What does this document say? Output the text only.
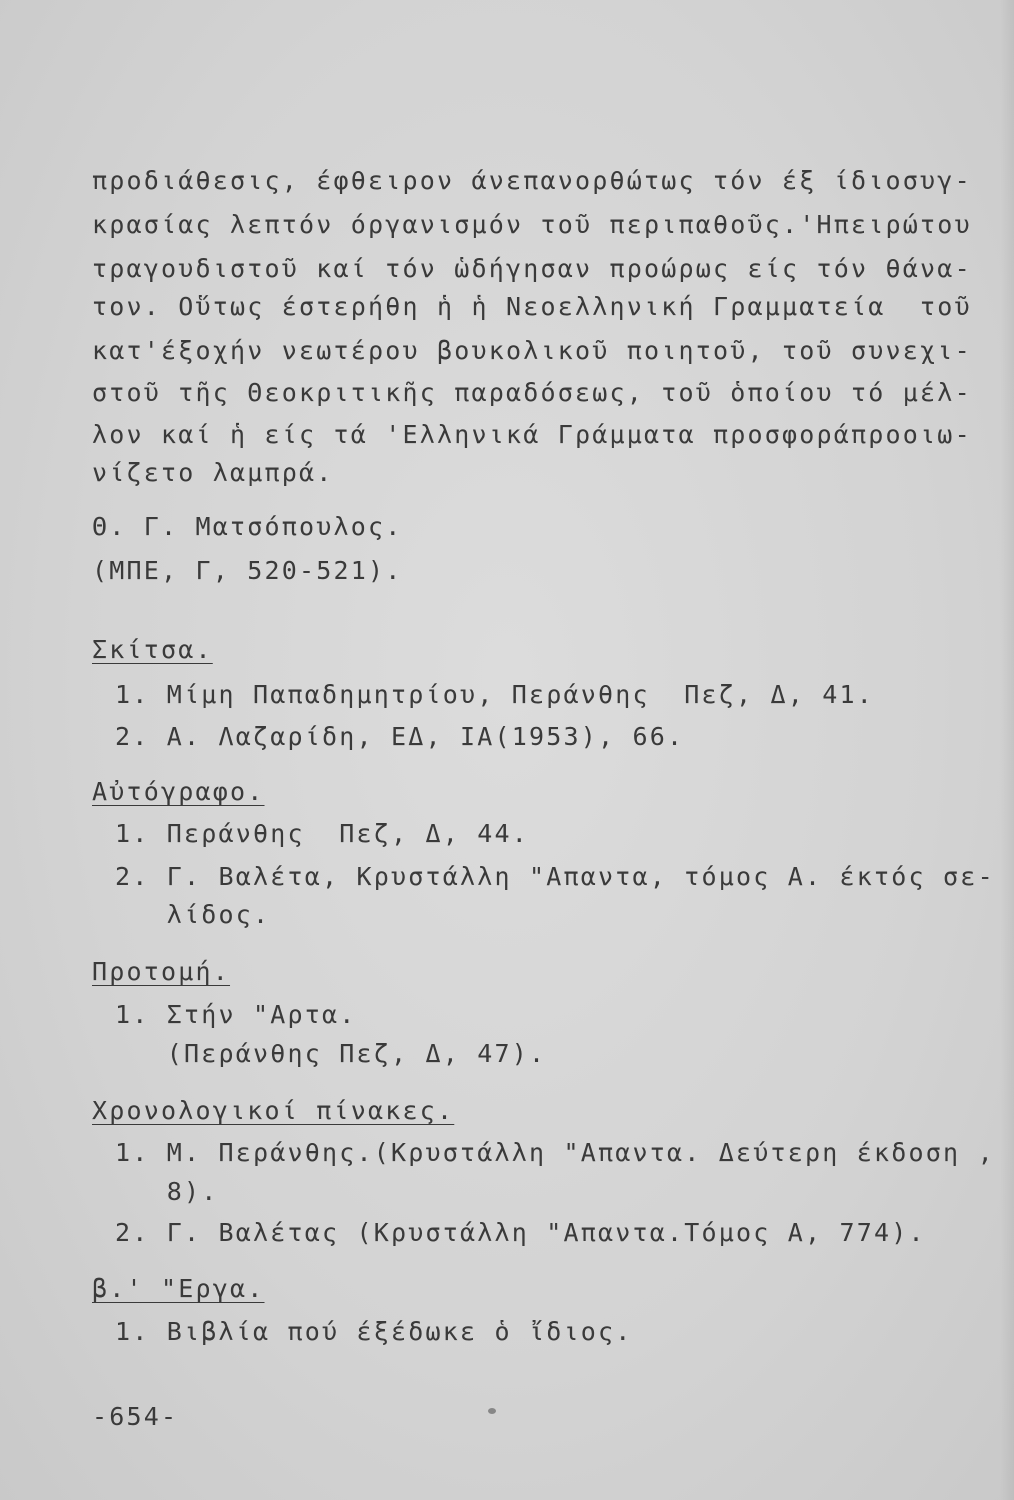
προδιάθεσις, έφθειρον άνεπανορθώτως τόν έξ ίδιοσυγ-
κρασίας λεπτόν όργανισμόν τοῦ περιπαθοῦς.'Ηπειρώτου
τραγουδιστοῦ καί τόν ὡδήγησαν προώρως είς τόν θάνα-
τον. Οὕτως έστερήθη ἡ ἡ Νεοελληνική Γραμματεία  τοῦ
κατ'έξοχήν νεωτέρου βουκολικοῦ ποιητοῦ, τοῦ συνεχι-
στοῦ τῆς Θεοκριτικῆς παραδόσεως, τοῦ ὁποίου τό μέλ-
λον καί ἡ είς τά 'Ελληνικά Γράμματα προσφοράπροοιω-
νίζετο λαμπρά.
Θ. Γ. Ματσόπουλος.
(ΜΠΕ, Γ, 520-521).
Σκίτσα.
1. Μίμη Παπαδημητρίου, Περάνθης  Πεζ, Δ, 41.
2. Α. Λαζαρίδη, ΕΔ, ΙΑ(1953), 66.
Αὐτόγραφο.
1. Περάνθης  Πεζ, Δ, 44.
2. Γ. Βαλέτα, Κρυστάλλη "Απαντα, τόμος Α. έκτός σε-
λίδος.
Προτομή.
1. Στήν "Αρτα.
(Περάνθης Πεζ, Δ, 47).
Χρονολογικοί πίνακες.
1. Μ. Περάνθης.(Κρυστάλλη "Απαντα. Δεύτερη έκδοση ,
8).
2. Γ. Βαλέτας (Κρυστάλλη "Απαντα.Τόμος Α, 774).
β.' "Εργα.
1. Βιβλία πού έξέδωκε ὁ ἴδιος.
-654-
